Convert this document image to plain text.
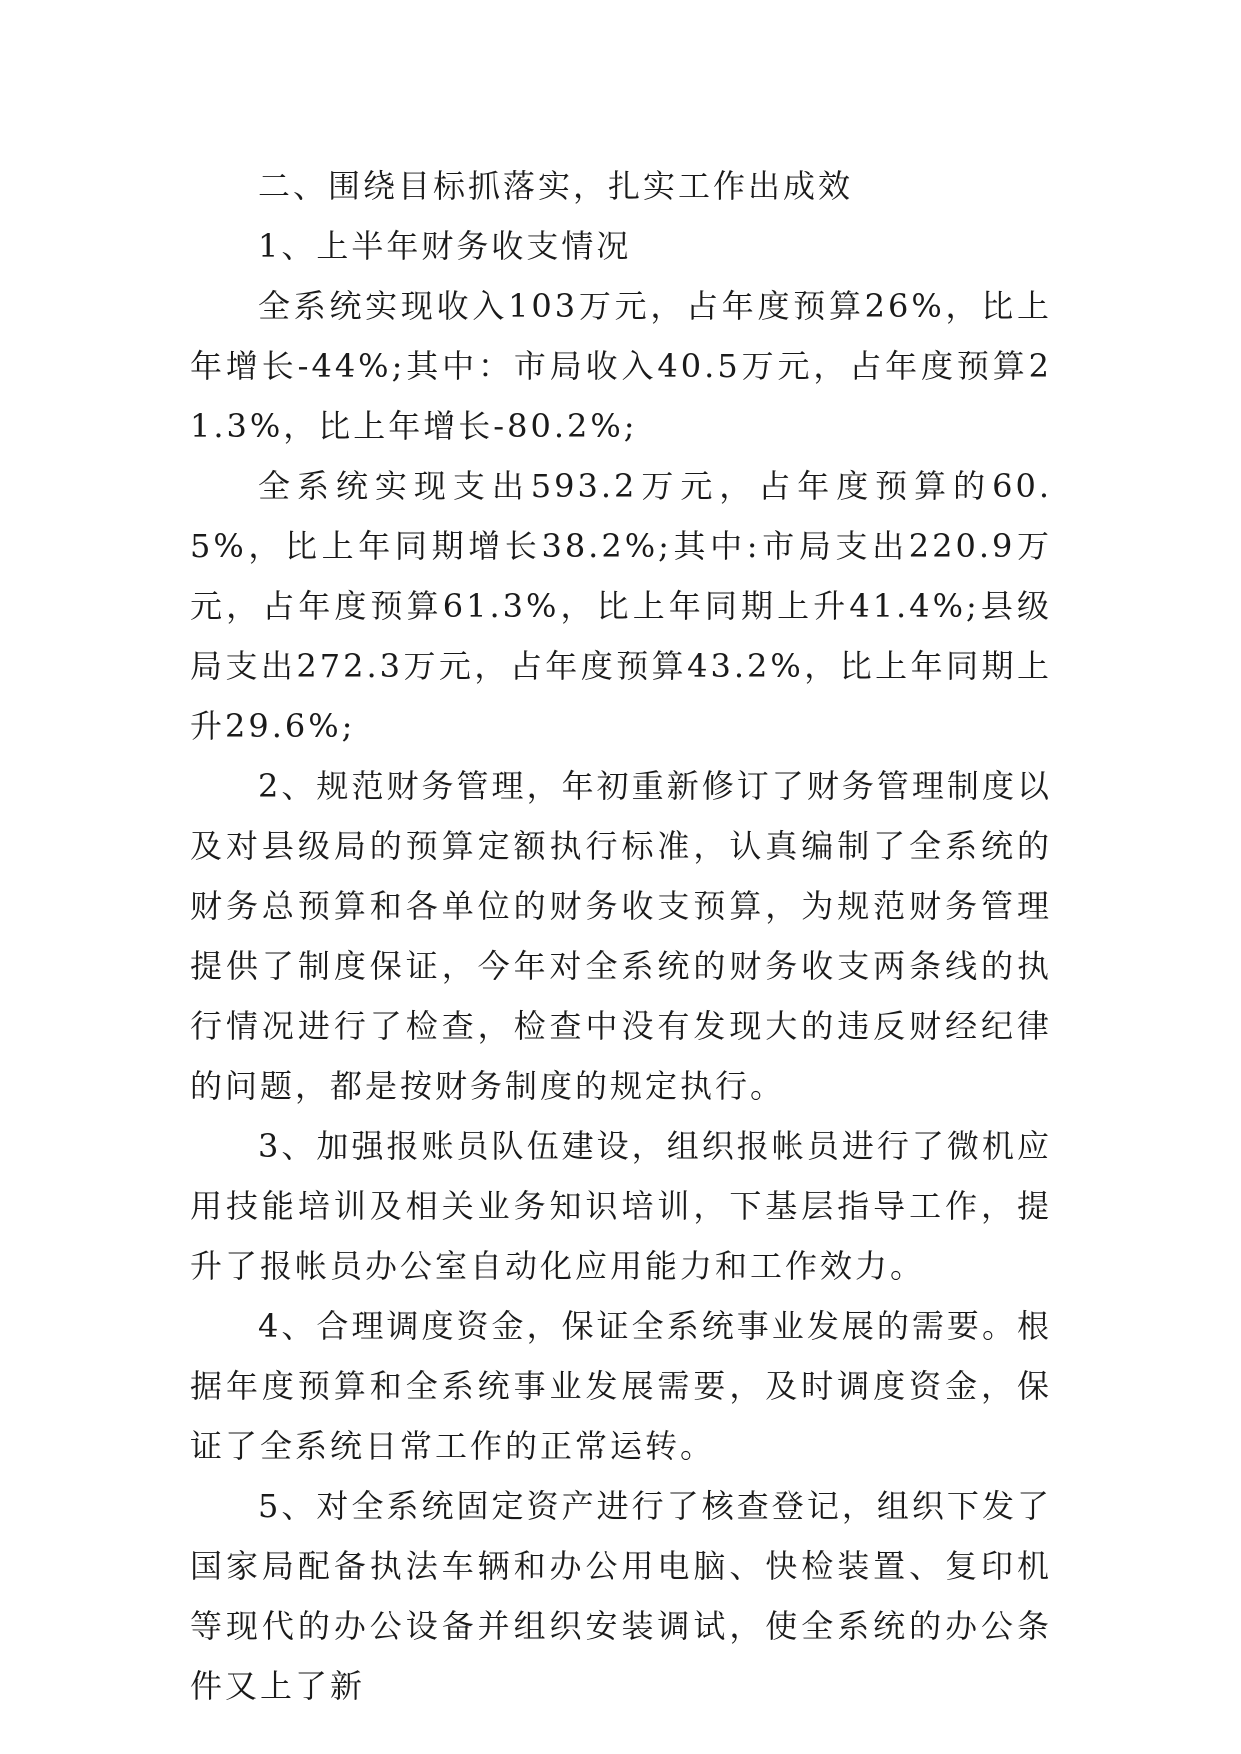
二、围绕目标抓落实，扎实工作出成效

1、上半年财务收支情况

全系统实现收入103万元，占年度预算26%，比上年增长-44%;其中：市局收入40.5万元，占年度预算21.3%，比上年增长-80.2%;

全系统实现支出593.2万元，占年度预算的60.5%，比上年同期增长38.2%;其中:市局支出220.9万元，占年度预算61.3%，比上年同期上升41.4%;县级局支出272.3万元，占年度预算43.2%，比上年同期上升29.6%;

2、规范财务管理，年初重新修订了财务管理制度以及对县级局的预算定额执行标准，认真编制了全系统的财务总预算和各单位的财务收支预算，为规范财务管理提供了制度保证，今年对全系统的财务收支两条线的执行情况进行了检查，检查中没有发现大的违反财经纪律的问题，都是按财务制度的规定执行。

3、加强报账员队伍建设，组织报帐员进行了微机应用技能培训及相关业务知识培训，下基层指导工作，提升了报帐员办公室自动化应用能力和工作效力。

4、合理调度资金，保证全系统事业发展的需要。根据年度预算和全系统事业发展需要，及时调度资金，保证了全系统日常工作的正常运转。

5、对全系统固定资产进行了核查登记，组织下发了国家局配备执法车辆和办公用电脑、快检装置、复印机等现代的办公设备并组织安装调试，使全系统的办公条件又上了新
